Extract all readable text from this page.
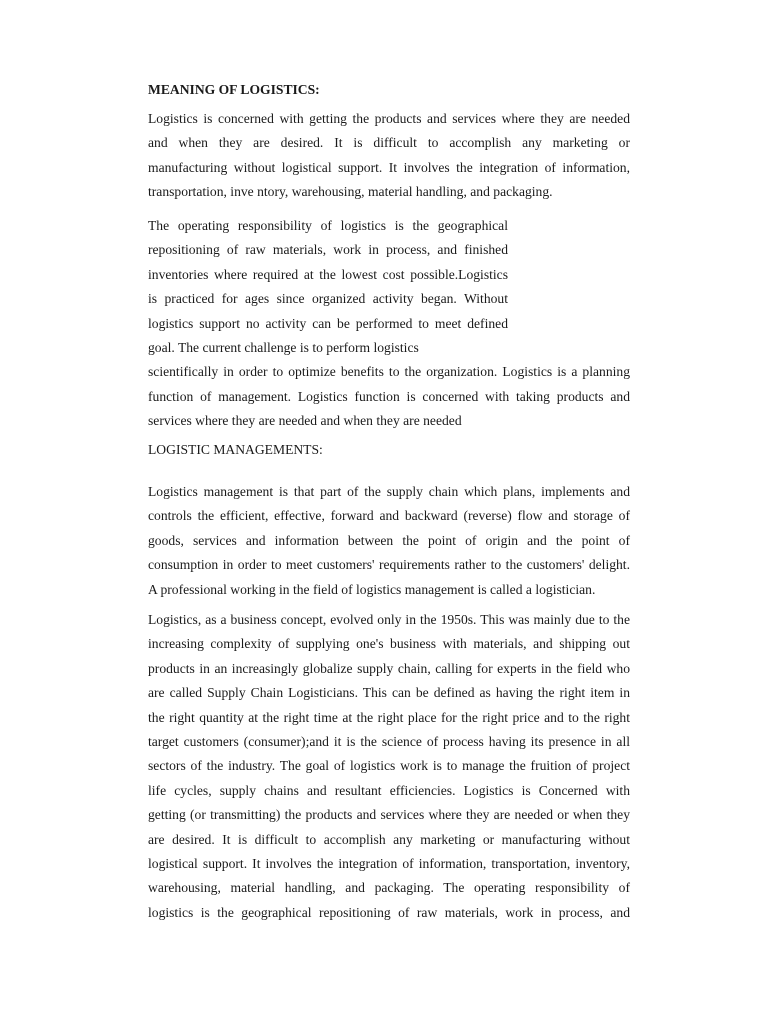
MEANING OF LOGISTICS:
Logistics is concerned with getting the products and services where they are needed
and when they are desired. It is difficult to accomplish any marketing or
manufacturing without logistical support. It involves the integration of information,
transportation, inve ntory, warehousing, material handling, and packaging.
The operating responsibility of logistics is the geographical
repositioning of raw materials, work in process, and finished
inventories where required at the lowest cost possible.Logistics
is practiced for ages since organized activity began. Without
logistics support no activity can be performed to meet defined
goal. The current challenge is to perform logistics
scientifically in order to optimize benefits to the organization. Logistics is a planning
function of management. Logistics function is concerned with taking products and
services where they are needed and when they are needed
LOGISTIC MANAGEMENTS:
Logistics management is that part of the supply chain which plans, implements and
controls the efficient, effective, forward and backward (reverse) flow and storage of
goods, services and information between the point of origin and the point of
consumption in order to meet customers' requirements rather to the customers' delight.
A professional working in the field of logistics management is called a logistician.
Logistics, as a business concept, evolved only in the 1950s. This was mainly due to the
increasing complexity of supplying one's business with materials, and shipping out
products in an increasingly globalize supply chain, calling for experts in the field who
are called Supply Chain Logisticians. This can be defined as having the right item in
the right quantity at the right time at the right place for the right price and to the right
target customers (consumer);and it is the science of process having its presence in all
sectors of the industry. The goal of logistics work is to manage the fruition of project
life cycles, supply chains and resultant efficiencies. Logistics is Concerned with
getting (or transmitting) the products and services where they are needed or when they
are desired. It is difficult to accomplish any marketing or manufacturing without
logistical support. It involves the integration of information, transportation, inventory,
warehousing, material handling, and packaging. The operating responsibility of
logistics is the geographical repositioning of raw materials, work in process, and
